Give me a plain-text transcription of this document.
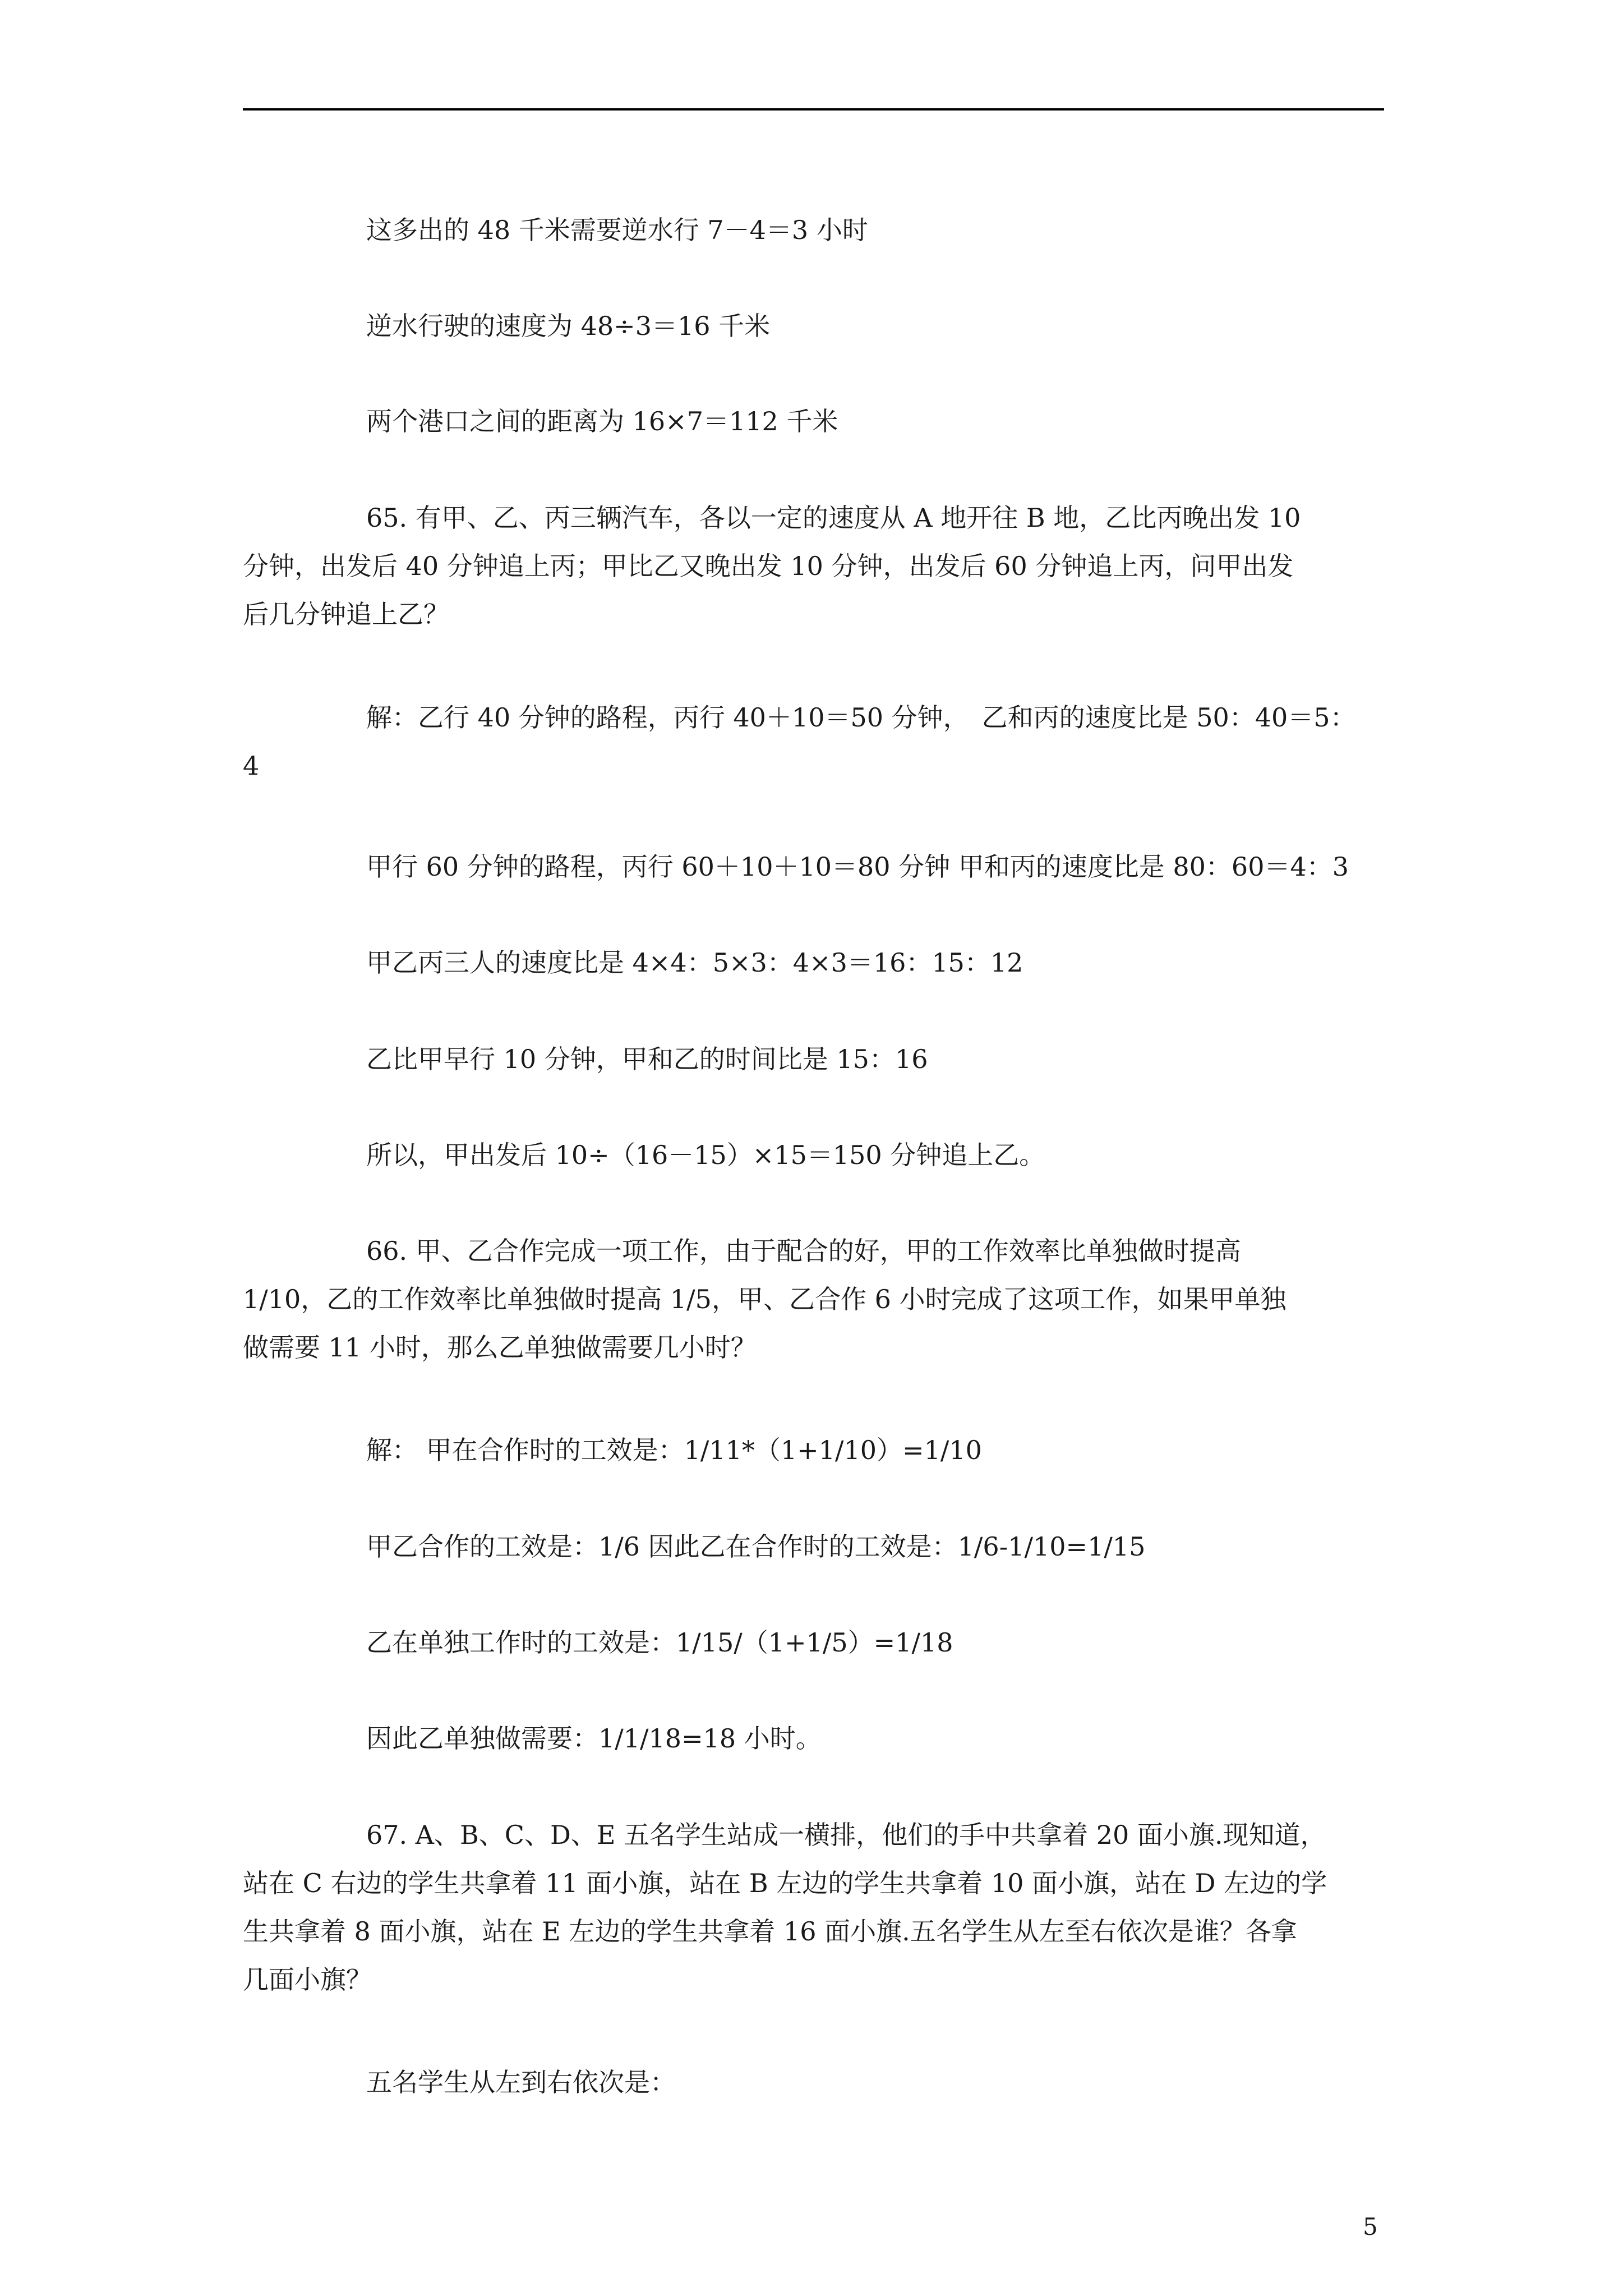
这多出的 48 千米需要逆水行 7－4＝3 小时
逆水行驶的速度为 48÷3＝16 千米
两个港口之间的距离为 16×7＝112 千米
65. 有甲、乙、丙三辆汽车，各以一定的速度从 A 地开往 B 地，乙比丙晚出发 10
分钟，出发后 40 分钟追上丙；甲比乙又晚出发 10 分钟，出发后 60 分钟追上丙，问甲出发
后几分钟追上乙？
解：乙行 40 分钟的路程，丙行 40＋10＝50 分钟，　乙和丙的速度比是 50：40＝5：
4
甲行 60 分钟的路程，丙行 60＋10＋10＝80 分钟 甲和丙的速度比是 80：60＝4：3
甲乙丙三人的速度比是 4×4：5×3：4×3＝16：15：12
乙比甲早行 10 分钟，甲和乙的时间比是 15：16
所以，甲出发后 10÷（16－15）×15＝150 分钟追上乙。
66. 甲、乙合作完成一项工作，由于配合的好，甲的工作效率比单独做时提高
1/10，乙的工作效率比单独做时提高 1/5，甲、乙合作 6 小时完成了这项工作，如果甲单独
做需要 11 小时，那么乙单独做需要几小时？
解： 甲在合作时的工效是：1/11*（1+1/10）=1/10
甲乙合作的工效是：1/6 因此乙在合作时的工效是：1/6-1/10=1/15
乙在单独工作时的工效是：1/15/（1+1/5）=1/18
因此乙单独做需要：1/1/18=18 小时。
67. A、B、C、D、E 五名学生站成一横排，他们的手中共拿着 20 面小旗.现知道，
站在 C 右边的学生共拿着 11 面小旗，站在 B 左边的学生共拿着 10 面小旗，站在 D 左边的学
生共拿着 8 面小旗，站在 E 左边的学生共拿着 16 面小旗.五名学生从左至右依次是谁？各拿
几面小旗？
五名学生从左到右依次是：
5
